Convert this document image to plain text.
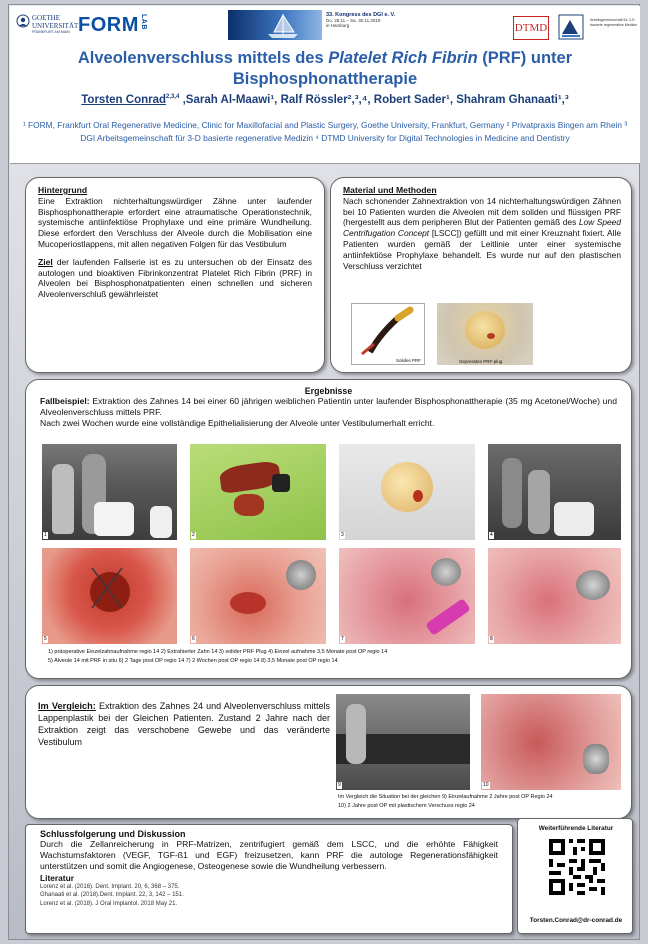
GOETHE
UNIVERSITÄT
FRANKFURT AM MAIN FORMLAB	33. Kongress des DGI e. V.
Do. 28.11 – Sa. 30.11.2019
in Hamburg	DTMD
Arbeitsgemeinschaft für 3-D basierte regenerative Medizin
Alveolenverschluss mittels des Platelet Rich Fibrin (PRF) unter Bisphosphonattherapie
Torsten Conrad$^{2,3,4}$ ,Sarah Al-Maawi¹, Ralf Rössler²,³,⁴, Robert Sader¹, Shahram Ghanaati¹,³
¹ FORM, Frankfurt Oral Regenerative Medicine, Clinic for Maxillofacial and Plastic Surgery, Goethe University, Frankfurt, Germany ² Privatpraxis Bingen am Rhein ³ DGI Arbeitsgemeinschaft für 3-D basierte regenerative Medizin ⁴ DTMD University for Digital Technologies in Medicine and Dentistry
Hintergrund
Eine Extraktion nichterhaltungswürdiger Zähne unter laufender Bisphosphonattherapie erfordert eine atraumatische Operationstechnik, systemische antiinfektiöse Prophylaxe und eine primäre Wundheilung. Diese erfordert den Verschluss der Alveole durch die Mobilisation eine Mucoperiostlappens, mit allen negativen Folgen für das Vestibulum
Ziel der laufenden Fallserie ist es zu untersuchen ob der Einsatz des autologen und bioaktiven Fibrinkonzentrat Platelet Rich Fibrin (PRF) in Alveolen bei Bisphosphonatpatienten einen schnellen und sicheren Alveolenverschluß gewährleistet
Material und Methoden
Nach schonender Zahnextraktion von 14 nichterhaltungswürdigen Zähnen bei 10 Patienten wurden die Alveolen mit dem soliden und flüssigen PRF (hergestellt aus dem peripheren Blut der Patienten gemäß des Low Speed Centrifugation Concept [LSCC]) gefüllt und mit einer Kreuznaht fixiert. Alle Patienten wurden gemäß der Leitlinie unter einer systemische antiinfektiöse Prophylaxe behandelt. Es wurde nur auf den plastischen Verschluss verzichtet
Solides PRF	Gepresstes PRF-plug
Ergebnisse
Fallbeispiel: Extraktion des Zahnes 14 bei einer 60 jährigen weiblichen Patientin unter laufender Bisphosphonattherapie (35 mg Acetonel/Woche) und Alveolenverschluss mittels PRF.
Nach zwei Wochen wurde eine vollständige Epithelialisierung der Alveole unter Vestibulumerhalt erricht.
1	2	3	4
5	6	7	8
1) präoperative Einzelzahnaufnahme regio 14 2) Extrahierter Zahn 14 3) solider PRF Plug 4) Einzel aufnahme 3,5 Monate post OP regio 14
5) Alveole 14 mit PRF in situ 6) 2 Tage post OP regio 14 7) 2 Wochen post OP regio 14 8) 3,5 Monate post OP regio 14
Im Vergleich: Extraktion des Zahnes 24 und Alveolenverschluss mittels Lappenplastik bei der Gleichen Patienten. Zustand 2 Jahre nach der Extraktion zeigt das verschobene Gewebe und das veränderte Vestibulum
9	10
Im Vergleich die Situation bei der gleichen 9) Einzelaufnahme 2 Jahre post OP Regio 24
10) 2 Jahre post OP mit plastischem Verschuss regio 24
Schlussfolgerung und Diskussion
Durch die Zellanreicherung in PRF-Matrizen, zentrifugiert gemäß dem LSCC, und die erhöhte Fähigkeit Wachstumsfaktoren (VEGF, TGF-ß1 und EGF) freizusetzen, kann PRF die autologe Regenerationsfähigkeit unterstützen und somit die Angiogenese, Osteogenese sowie die Wundheilung verbessern.
Literatur
Lorenz et al. (2016). Dent. Implant. 20, 6, 368 – 375.
Ghanaati et al. (2018).Dent. Implant. 22, 3, 142 – 151.
Lorenz et al. (2018). J Oral Implantol. 2018 May 21.
Weiterführende Literatur
Torsten.Conrad@dr-conrad.de
